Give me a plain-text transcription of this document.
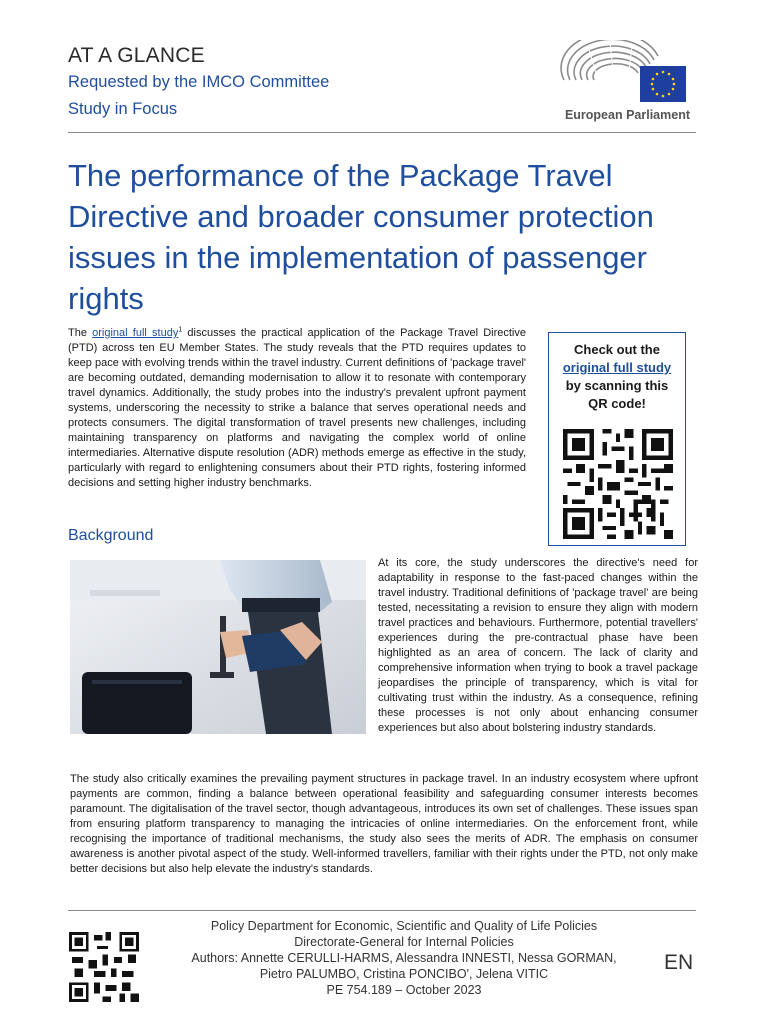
AT A GLANCE
Requested by the IMCO Committee
Study in Focus	European Parliament
The performance of the Package Travel Directive and broader consumer protection issues in the implementation of passenger rights

The original full study$^1$ discusses the practical application of the Package Travel Directive (PTD) across ten EU Member States. The study reveals that the PTD requires updates to keep pace with evolving trends within the travel industry. Current definitions of 'package travel' are becoming outdated, demanding modernisation to allow it to resonate with contemporary travel dynamics. Additionally, the study probes into the industry's prevalent upfront payment systems, underscoring the necessity to strike a balance that serves operational needs and protects consumers. The digital transformation of travel presents new challenges, including maintaining transparency on platforms and navigating the complex world of online intermediaries. Alternative dispute resolution (ADR) methods emerge as effective in the study, particularly with regard to enlightening consumers about their PTD rights, fostering informed decisions and setting higher industry benchmarks.

Check out the
original full study
by scanning this
QR code!
Background

At its core, the study underscores the directive's need for adaptability in response to the fast-paced changes within the travel industry. Traditional definitions of 'package travel' are being tested, necessitating a revision to ensure they align with modern travel practices and behaviours. Furthermore, potential travellers' experiences during the pre-contractual phase have been highlighted as an area of concern. The lack of clarity and comprehensive information when trying to book a travel package jeopardises the principle of transparency, which is vital for cultivating trust within the industry. As a consequence, refining these processes is not only about enhancing consumer experiences but also about bolstering industry standards.

The study also critically examines the prevailing payment structures in package travel. In an industry ecosystem where upfront payments are common, finding a balance between operational feasibility and safeguarding consumer interests becomes paramount. The digitalisation of the travel sector, though advantageous, introduces its own set of challenges. These issues span from ensuring platform transparency to managing the intricacies of online intermediaries. On the enforcement front, while recognising the importance of traditional mechanisms, the study also sees the merits of ADR. The emphasis on consumer awareness is another pivotal aspect of the study. Well-informed travellers, familiar with their rights under the PTD, not only make better decisions but also help elevate the industry's standards.

Policy Department for Economic, Scientific and Quality of Life Policies
Directorate-General for Internal Policies
Authors: Annette CERULLI-HARMS, Alessandra INNESTI, Nessa GORMAN,
Pietro PALUMBO, Cristina PONCIBO', Jelena VITIC
PE 754.189 – October 2023
EN
